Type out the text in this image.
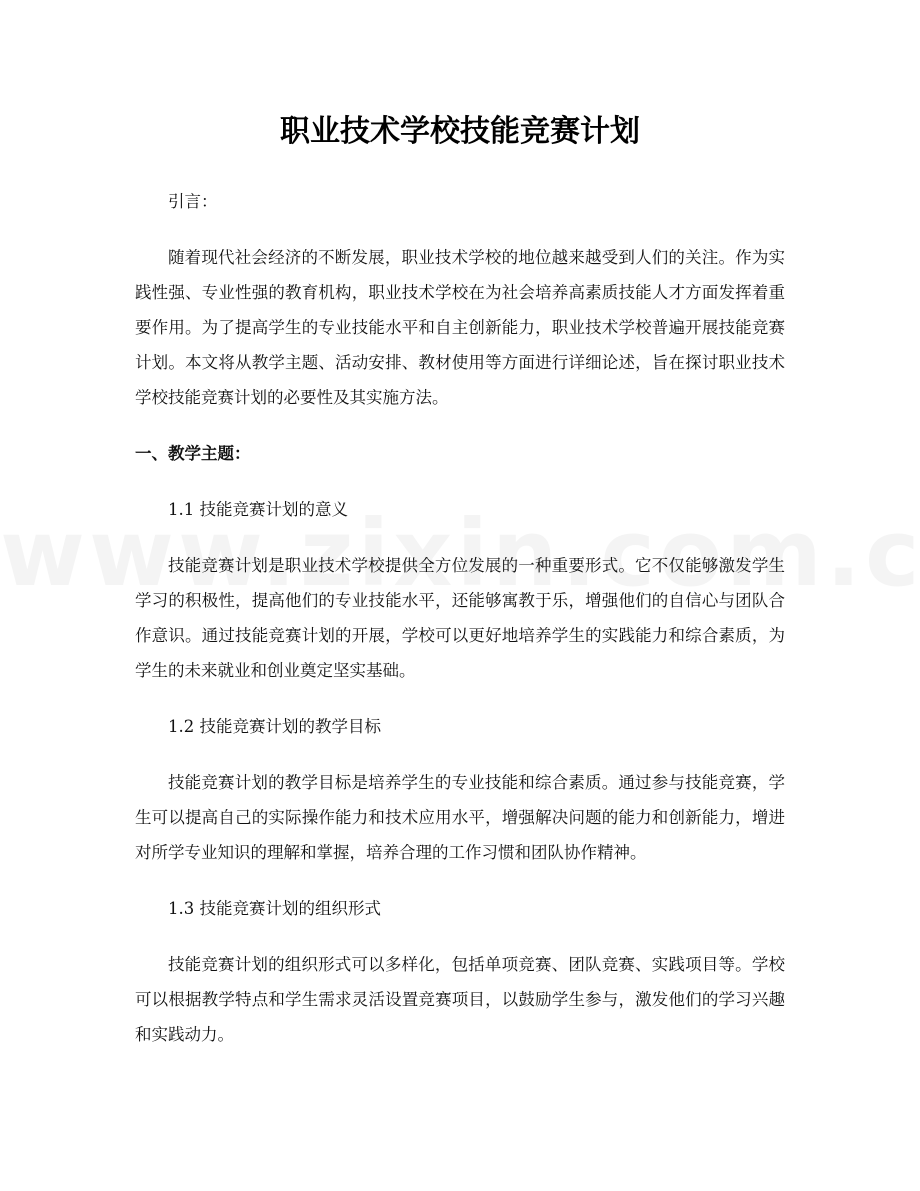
职业技术学校技能竞赛计划

引言：

随着现代社会经济的不断发展，职业技术学校的地位越来越受到人们的关注。作为实践性强、专业性强的教育机构，职业技术学校在为社会培养高素质技能人才方面发挥着重要作用。为了提高学生的专业技能水平和自主创新能力，职业技术学校普遍开展技能竞赛计划。本文将从教学主题、活动安排、教材使用等方面进行详细论述，旨在探讨职业技术学校技能竞赛计划的必要性及其实施方法。

一、教学主题：

1.1 技能竞赛计划的意义

技能竞赛计划是职业技术学校提供全方位发展的一种重要形式。它不仅能够激发学生学习的积极性，提高他们的专业技能水平，还能够寓教于乐，增强他们的自信心与团队合作意识。通过技能竞赛计划的开展，学校可以更好地培养学生的实践能力和综合素质，为学生的未来就业和创业奠定坚实基础。

1.2 技能竞赛计划的教学目标

技能竞赛计划的教学目标是培养学生的专业技能和综合素质。通过参与技能竞赛，学生可以提高自己的实际操作能力和技术应用水平，增强解决问题的能力和创新能力，增进对所学专业知识的理解和掌握，培养合理的工作习惯和团队协作精神。

1.3 技能竞赛计划的组织形式

技能竞赛计划的组织形式可以多样化，包括单项竞赛、团队竞赛、实践项目等。学校可以根据教学特点和学生需求灵活设置竞赛项目，以鼓励学生参与，激发他们的学习兴趣和实践动力。
